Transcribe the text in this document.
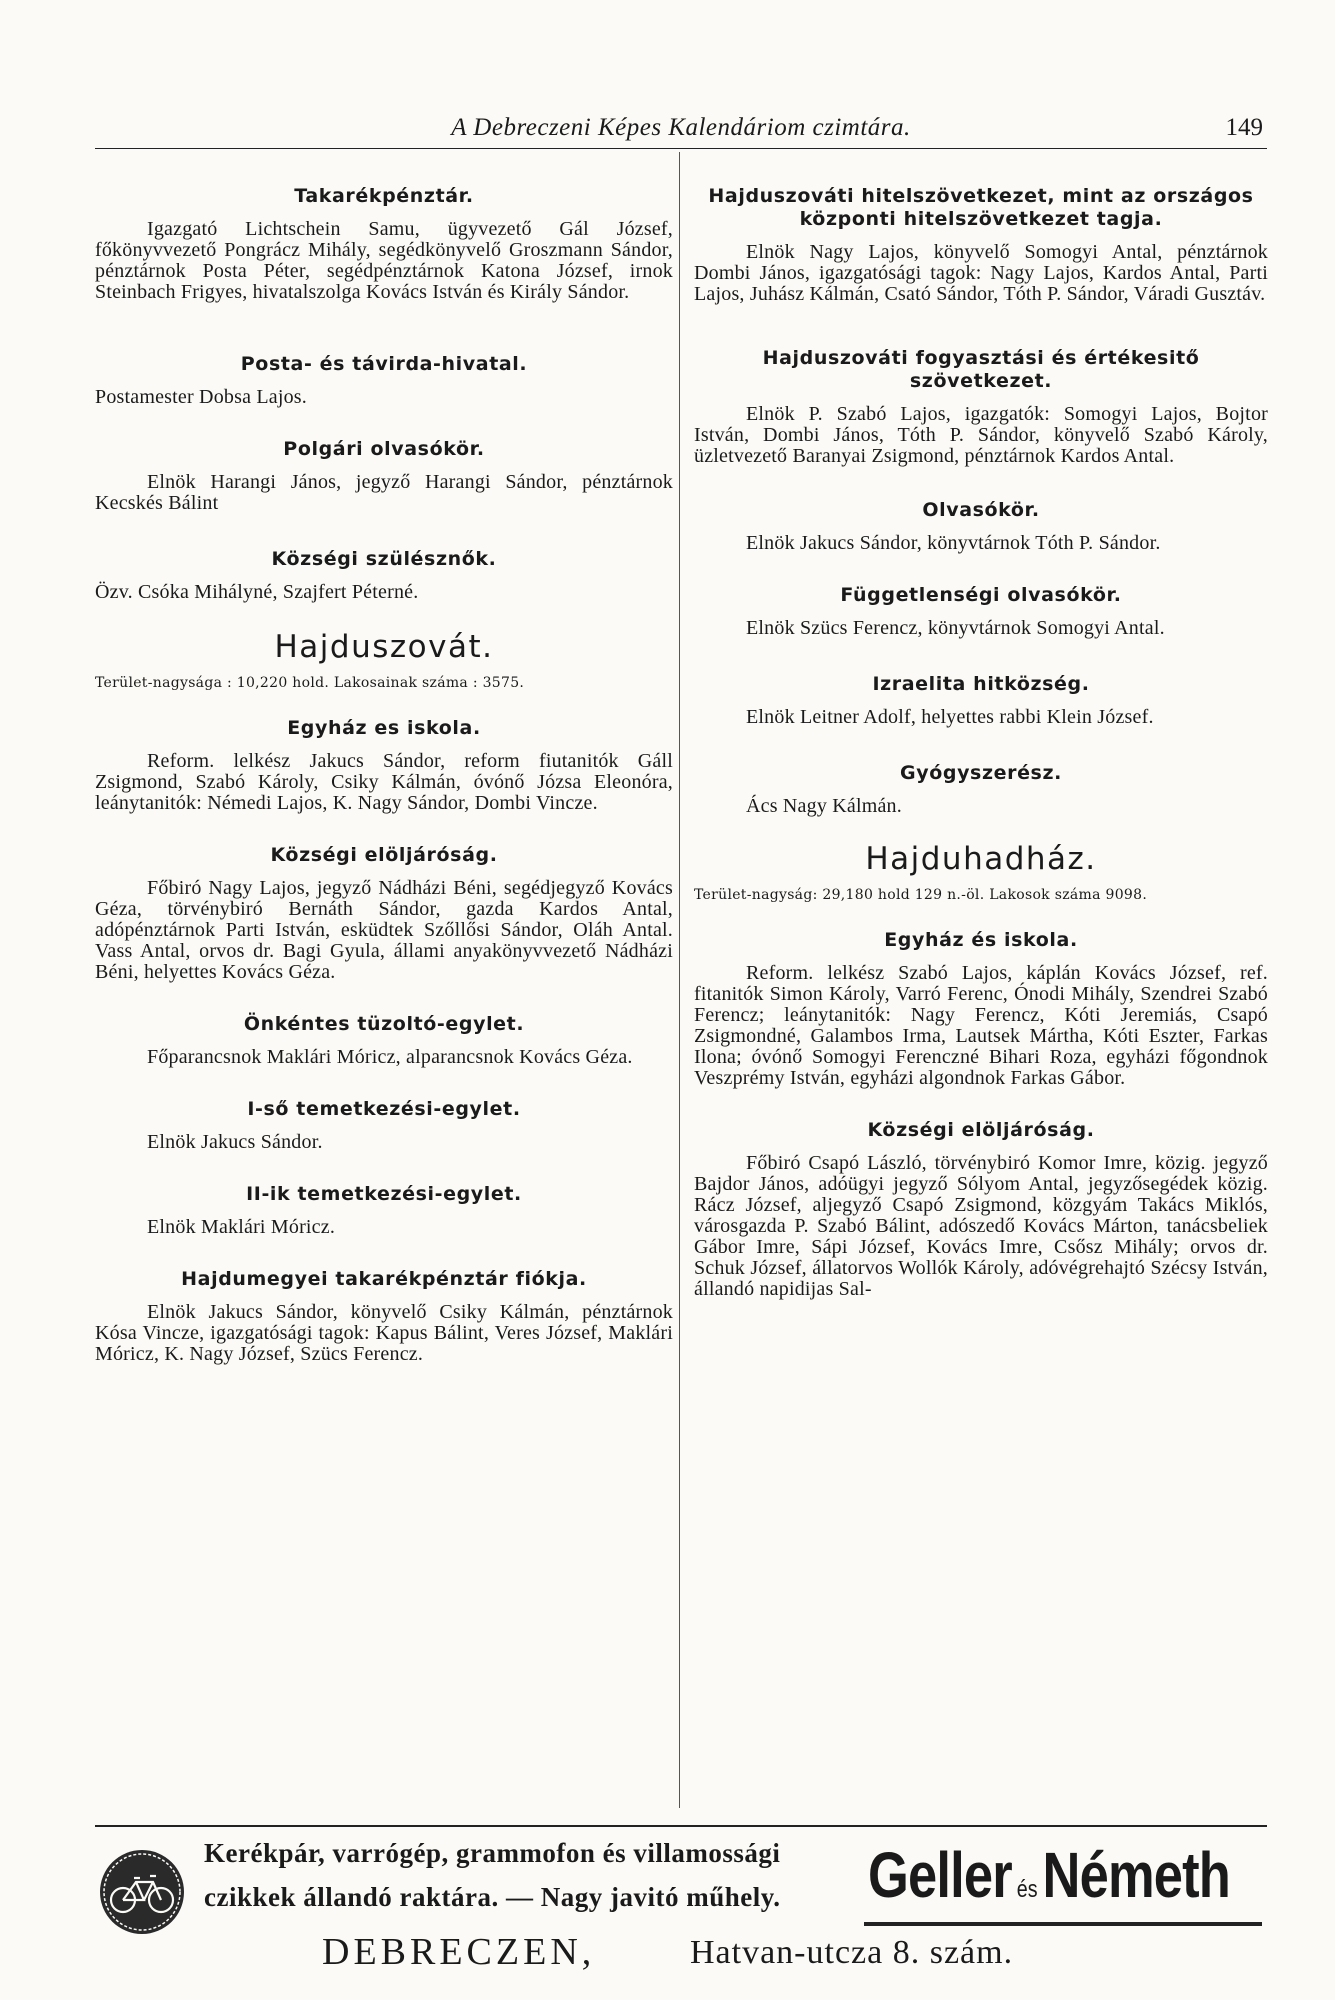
A Debreczeni Képes Kalendáriom czimtára.	149
Takarékpénztár.

Igazgató Lichtschein Samu, ügyvezető Gál József, főkönyvvezető Pongrácz Mihály, segédkönyvelő Groszmann Sándor, pénztárnok Posta Péter, segédpénztárnok Katona József, irnok Steinbach Frigyes, hivatalszolga Kovács István és Király Sándor.

Posta- és távirda-hivatal.

Postamester Dobsa Lajos.

Polgári olvasókör.

Elnök Harangi János, jegyző Harangi Sándor, pénztárnok Kecskés Bálint

Községi szülésznők.

Özv. Csóka Mihályné, Szajfert Péterné.

Hajduszovát.
Terület-nagysága : 10,220 hold. Lakosainak száma : 3575.
Egyház es iskola.

Reform. lelkész Jakucs Sándor, reform fiutanitók Gáll Zsigmond, Szabó Károly, Csiky Kálmán, óvónő Józsa Eleonóra, leánytanitók: Némedi Lajos, K. Nagy Sándor, Dombi Vincze.

Községi elöljáróság.

Főbiró Nagy Lajos, jegyző Nádházi Béni, segédjegyző Kovács Géza, törvénybiró Bernáth Sándor, gazda Kardos Antal, adópénztárnok Parti István, esküdtek Szőllősi Sándor, Oláh Antal. Vass Antal, orvos dr. Bagi Gyula, állami anyakönyvvezető Nádházi Béni, helyettes Kovács Géza.

Önkéntes tüzoltó-egylet.

Főparancsnok Maklári Móricz, alparancsnok Kovács Géza.

I-ső temetkezési-egylet.

Elnök Jakucs Sándor.

II-ik temetkezési-egylet.

Elnök Maklári Móricz.

Hajdumegyei takarékpénztár fiókja.

Elnök Jakucs Sándor, könyvelő Csiky Kálmán, pénztárnok Kósa Vincze, igazgatósági tagok: Kapus Bálint, Veres József, Maklári Móricz, K. Nagy József, Szücs Ferencz.

Hajduszováti hitelszövetkezet, mint az országos központi hitelszövetkezet tagja.

Elnök Nagy Lajos, könyvelő Somogyi Antal, pénztárnok Dombi János, igazgatósági tagok: Nagy Lajos, Kardos Antal, Parti Lajos, Juhász Kálmán, Csató Sándor, Tóth P. Sándor, Váradi Gusztáv.

Hajduszováti fogyasztási és értékesitő szövetkezet.

Elnök P. Szabó Lajos, igazgatók: Somogyi Lajos, Bojtor István, Dombi János, Tóth P. Sándor, könyvelő Szabó Károly, üzletvezető Baranyai Zsigmond, pénztárnok Kardos Antal.

Olvasókör.

Elnök Jakucs Sándor, könyvtárnok Tóth P. Sándor.

Függetlenségi olvasókör.

Elnök Szücs Ferencz, könyvtárnok Somogyi Antal.

Izraelita hitközség.

Elnök Leitner Adolf, helyettes rabbi Klein József.

Gyógyszerész.

Ács Nagy Kálmán.

Hajduhadház.
Terület-nagyság: 29,180 hold 129 n.-öl. Lakosok száma 9098.
Egyház és iskola.

Reform. lelkész Szabó Lajos, káplán Kovács József, ref. fitanitók Simon Károly, Varró Ferenc, Ónodi Mihály, Szendrei Szabó Ferencz; leánytanitók: Nagy Ferencz, Kóti Jeremiás, Csapó Zsigmondné, Galambos Irma, Lautsek Mártha, Kóti Eszter, Farkas Ilona; óvónő Somogyi Ferenczné Bihari Roza, egyházi főgondnok Veszprémy István, egyházi algondnok Farkas Gábor.

Községi elöljáróság.

Főbiró Csapó László, törvénybiró Komor Imre, közig. jegyző Bajdor János, adóügyi jegyző Sólyom Antal, jegyzősegédek közig. Rácz József, aljegyző Csapó Zsigmond, közgyám Takács Miklós, városgazda P. Szabó Bálint, adószedő Kovács Márton, tanácsbeliek Gábor Imre, Sápi József, Kovács Imre, Csősz Mihály; orvos dr. Schuk József, állatorvos Wollók Károly, adóvégrehajtó Szécsy István, állandó napidijas Sal-

Kerékpár, varrógép, grammofon és villamossági
czikkek állandó raktára. — Nagy javitó műhely. Geller ésNémeth
DEBRECZEN,	Hatvan-utcza 8. szám.
